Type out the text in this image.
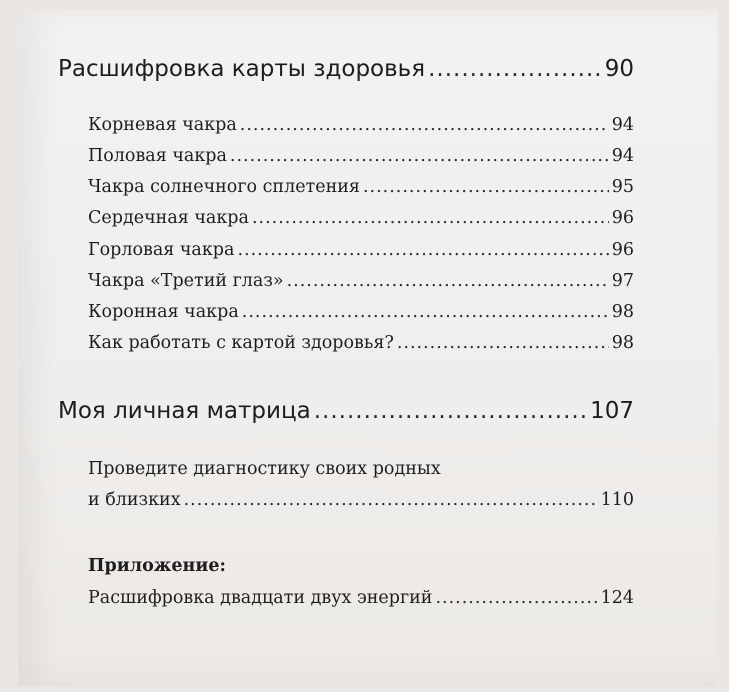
Расшифровка карты здоровья .....	90
Корневая чакра .....	94
Половая чакра .....	94
Чакра солнечного сплетения .....	95
Сердечная чакра .....	96
Горловая чакра .....	96
Чакра «Третий глаз» .....	97
Коронная чакра .....	98
Как работать с картой здоровья? .....	98
Моя личная матрица .....	107
Проведите диагностику своих родных
и близких .....	110
Приложение:
Расшифровка двадцати двух энергий .....	124
